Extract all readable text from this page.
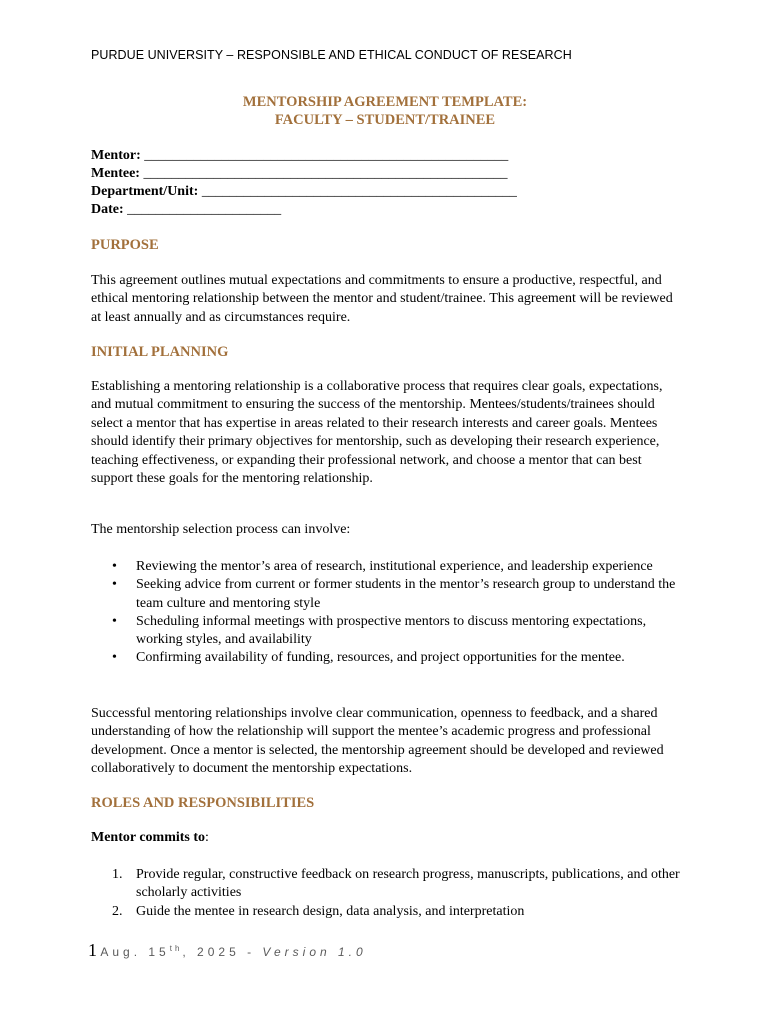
PURDUE UNIVERSITY – RESPONSIBLE AND ETHICAL CONDUCT OF RESEARCH
MENTORSHIP AGREEMENT TEMPLATE:
FACULTY – STUDENT/TRAINEE
Mentor: ____________________________________________________
Mentee: ____________________________________________________
Department/Unit: _____________________________________________
Date: ______________________
PURPOSE

This agreement outlines mutual expectations and commitments to ensure a productive, respectful, and ethical mentoring relationship between the mentor and student/trainee. This agreement will be reviewed at least annually and as circumstances require.

INITIAL PLANNING

Establishing a mentoring relationship is a collaborative process that requires clear goals, expectations, and mutual commitment to ensuring the success of the mentorship. Mentees/students/trainees should select a mentor that has expertise in areas related to their research interests and career goals. Mentees should identify their primary objectives for mentorship, such as developing their research experience, teaching effectiveness, or expanding their professional network, and choose a mentor that can best support these goals for the mentoring relationship.

The mentorship selection process can involve:

• Reviewing the mentor’s area of research, institutional experience, and leadership experience
• Seeking advice from current or former students in the mentor’s research group to understand the team culture and mentoring style
• Scheduling informal meetings with prospective mentors to discuss mentoring expectations, working styles, and availability
• Confirming availability of funding, resources, and project opportunities for the mentee.

Successful mentoring relationships involve clear communication, openness to feedback, and a shared understanding of how the relationship will support the mentee’s academic progress and professional development. Once a mentor is selected, the mentorship agreement should be developed and reviewed collaboratively to document the mentorship expectations.

ROLES AND RESPONSIBILITIES
Mentor commits to:
1. Provide regular, constructive feedback on research progress, manuscripts, publications, and other scholarly activities
2. Guide the mentee in research design, data analysis, and interpretation
1 Aug. 15th, 2025 - Version 1.0
